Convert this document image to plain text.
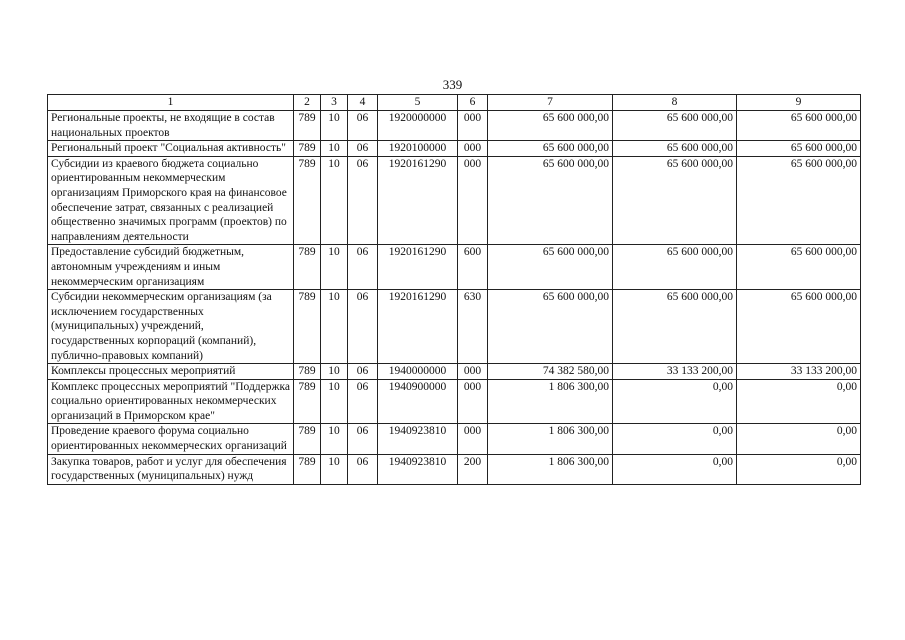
339
1	2	3	4	5	6	7	8	9
Региональные проекты, не входящие в состав национальных проектов	789	10	06	1920000000	000	65 600 000,00	65 600 000,00	65 600 000,00
Региональный проект "Социальная активность"	789	10	06	1920100000	000	65 600 000,00	65 600 000,00	65 600 000,00
Субсидии из краевого бюджета социально ориентированным некоммерческим организациям Приморского края на финансовое обеспечение затрат, связанных с реализацией общественно значимых программ (проектов) по направлениям деятельности	789	10	06	1920161290	000	65 600 000,00	65 600 000,00	65 600 000,00
Предоставление субсидий бюджетным, автономным учреждениям и иным некоммерческим организациям	789	10	06	1920161290	600	65 600 000,00	65 600 000,00	65 600 000,00
Субсидии некоммерческим организациям (за исключением государственных (муниципальных) учреждений, государственных корпораций (компаний), публично-правовых компаний)	789	10	06	1920161290	630	65 600 000,00	65 600 000,00	65 600 000,00
Комплексы процессных мероприятий	789	10	06	1940000000	000	74 382 580,00	33 133 200,00	33 133 200,00
Комплекс процессных мероприятий "Поддержка социально ориентированных некоммерческих организаций в Приморском крае"	789	10	06	1940900000	000	1 806 300,00	0,00	0,00
Проведение краевого форума социально ориентированных некоммерческих организаций	789	10	06	1940923810	000	1 806 300,00	0,00	0,00
Закупка товаров, работ и услуг для обеспечения государственных (муниципальных) нужд	789	10	06	1940923810	200	1 806 300,00	0,00	0,00
